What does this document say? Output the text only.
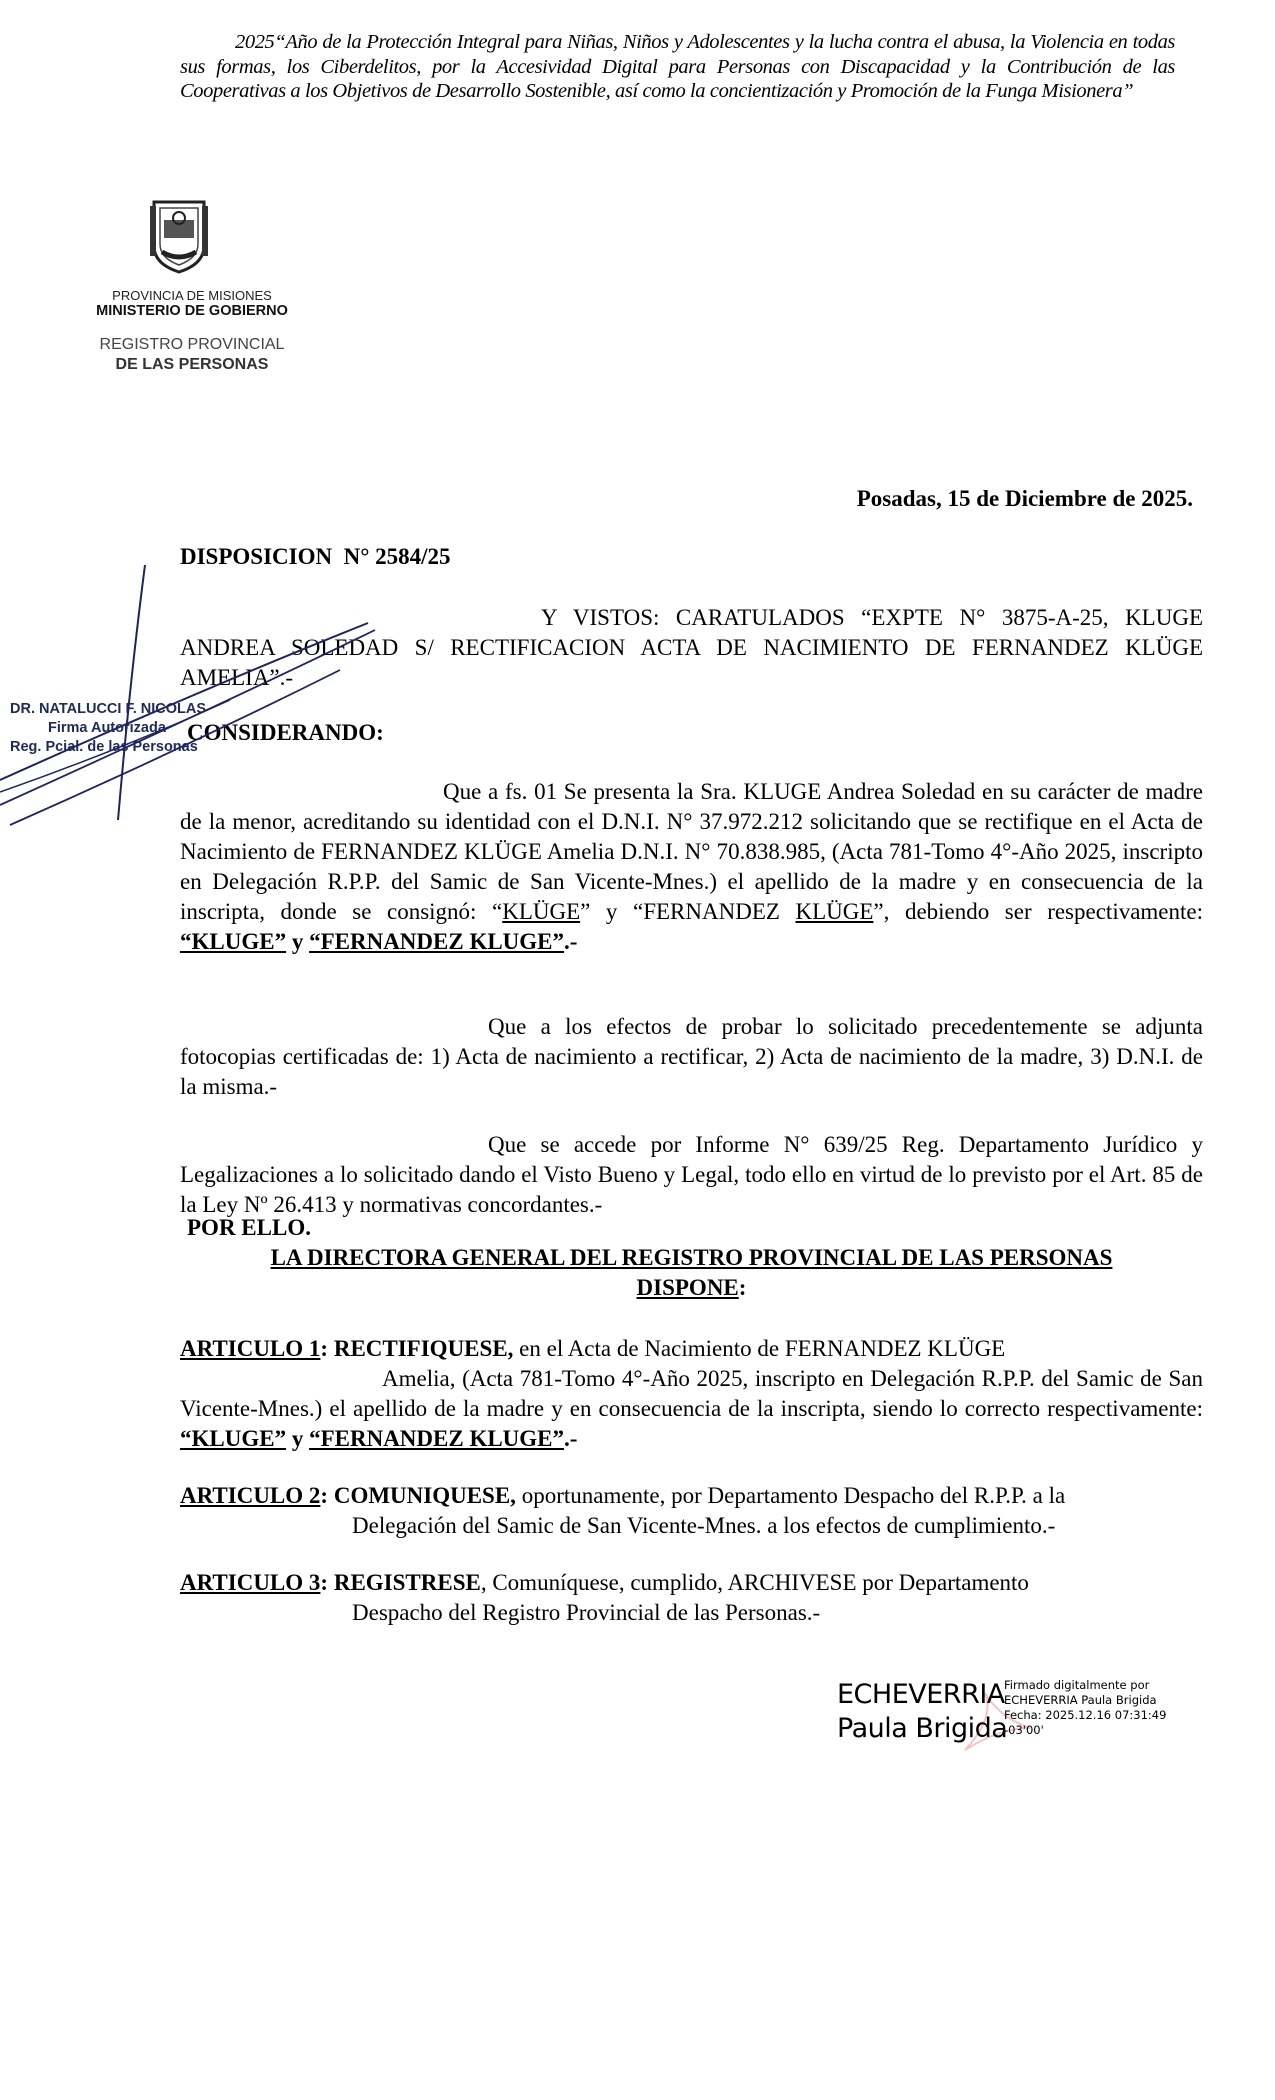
2025“Año de la Protección Integral para Niñas, Niños y Adolescentes y la lucha contra el abusa, la Violencia en todas sus formas, los Ciberdelitos, por la Accesividad Digital para Personas con Discapacidad y la Contribución de las Cooperativas a los Objetivos de Desarrollo Sostenible, así como la concientización y Promoción de la Funga Misionera”
PROVINCIA DE MISIONES
MINISTERIO DE GOBIERNO
REGISTRO PROVINCIAL
DE LAS PERSONAS
Posadas, 15 de Diciembre de 2025.
DISPOSICION  N° 2584/25
Y VISTOS: CARATULADOS “EXPTE N° 3875-A-25, KLUGE ANDREA SOLEDAD S/ RECTIFICACION ACTA DE NACIMIENTO DE FERNANDEZ KLÜGE AMELIA”.-
CONSIDERANDO:
Que a fs. 01 Se presenta la Sra. KLUGE Andrea Soledad en su carácter de madre de la menor, acreditando su identidad con el D.N.I. N° 37.972.212 solicitando que se rectifique en el Acta de Nacimiento de FERNANDEZ KLÜGE Amelia D.N.I. N° 70.838.985, (Acta 781-Tomo 4°-Año 2025, inscripto en Delegación R.P.P. del Samic de San Vicente-Mnes.) el apellido de la madre y en consecuencia de la inscripta, donde se consignó: “KLÜGE” y “FERNANDEZ KLÜGE”, debiendo ser respectivamente: “KLUGE” y “FERNANDEZ KLUGE”.-
Que a los efectos de probar lo solicitado precedentemente se adjunta fotocopias certificadas de: 1) Acta de nacimiento a rectificar, 2) Acta de nacimiento de la madre, 3) D.N.I. de la misma.-
Que se accede por Informe N° 639/25 Reg. Departamento Jurídico y Legalizaciones a lo solicitado dando el Visto Bueno y Legal, todo ello en virtud de lo previsto por el Art. 85 de la Ley Nº 26.413 y normativas concordantes.-
POR ELLO.
LA DIRECTORA GENERAL DEL REGISTRO PROVINCIAL DE LAS PERSONAS
DISPONE:
ARTICULO 1: RECTIFIQUESE, en el Acta de Nacimiento de FERNANDEZ KLÜGE
Amelia, (Acta 781-Tomo 4°-Año 2025, inscripto en Delegación R.P.P. del Samic de San Vicente-Mnes.) el apellido de la madre y en consecuencia de la inscripta, siendo lo correcto respectivamente: “KLUGE” y “FERNANDEZ KLUGE”.-
ARTICULO 2: COMUNIQUESE, oportunamente, por Departamento Despacho del R.P.P. a la
Delegación del Samic de San Vicente-Mnes. a los efectos de cumplimiento.-
ARTICULO 3: REGISTRESE, Comuníquese, cumplido, ARCHIVESE por Departamento
Despacho del Registro Provincial de las Personas.-
DR. NATALUCCI F. NICOLAS
Firma Autorizada
Reg. Pcial. de las Personas
ECHEVERRIA
Paula Brigida
Firmado digitalmente por
ECHEVERRIA Paula Brigida
Fecha: 2025.12.16 07:31:49
-03'00'
